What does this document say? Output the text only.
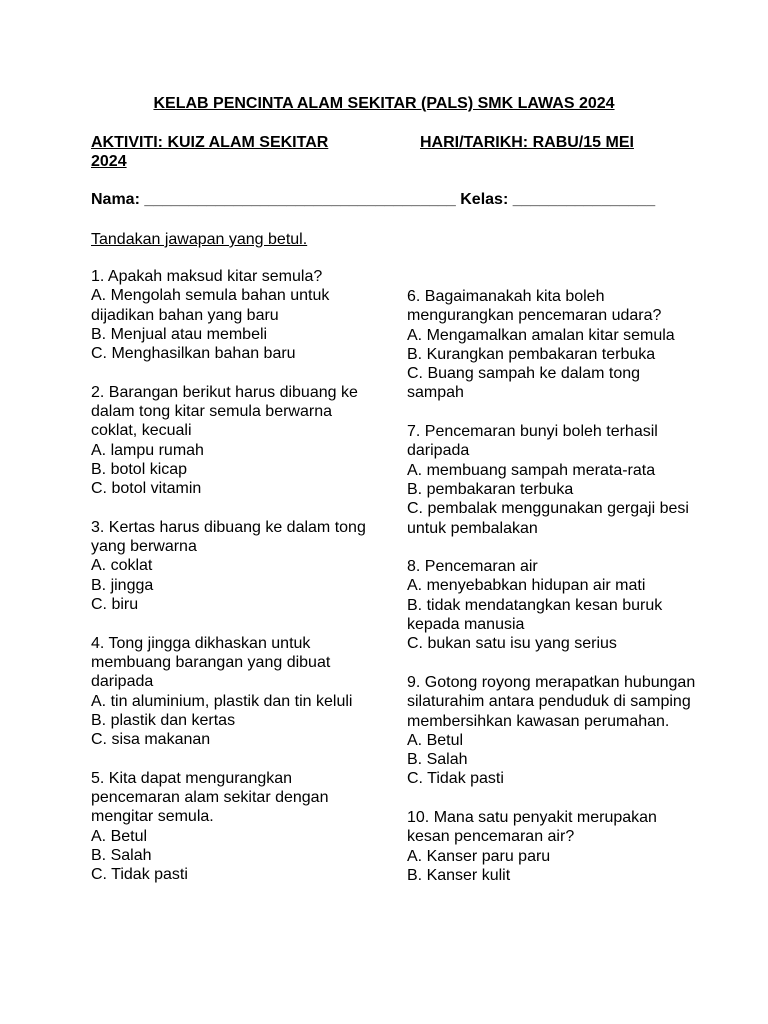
KELAB PENCINTA ALAM SEKITAR (PALS) SMK LAWAS 2024

AKTIVITI: KUIZ ALAM SEKITAR 2024

HARI/TARIKH: RABU/15 MEI

Nama: ___________________________________ Kelas: ________________

Tandakan jawapan yang betul.

1. Apakah maksud kitar semula?
A. Mengolah semula bahan untuk dijadikan bahan yang baru
B. Menjual atau membeli
C. Menghasilkan bahan baru
2. Barangan berikut harus dibuang ke dalam tong kitar semula berwarna coklat, kecuali
A. lampu rumah
B. botol kicap
C. botol vitamin
3. Kertas harus dibuang ke dalam tong yang berwarna
A. coklat
B. jingga
C. biru
4. Tong jingga dikhaskan untuk membuang barangan yang dibuat daripada
A. tin aluminium, plastik dan tin keluli
B. plastik dan kertas
C. sisa makanan
5. Kita dapat mengurangkan pencemaran alam sekitar dengan mengitar semula.
A. Betul
B. Salah
C. Tidak pasti
6. Bagaimanakah kita boleh mengurangkan pencemaran udara?
A. Mengamalkan amalan kitar semula
B. Kurangkan pembakaran terbuka
C. Buang sampah ke dalam tong sampah
7. Pencemaran bunyi boleh terhasil daripada
A. membuang sampah merata-rata
B. pembakaran terbuka
C. pembalak menggunakan gergaji besi untuk pembalakan
8. Pencemaran air
A. menyebabkan hidupan air mati
B. tidak mendatangkan kesan buruk kepada manusia
C. bukan satu isu yang serius
9. Gotong royong merapatkan hubungan silaturahim antara penduduk di samping membersihkan kawasan perumahan.
A. Betul
B. Salah
C. Tidak pasti
10. Mana satu penyakit merupakan kesan pencemaran air?
A. Kanser paru paru
B. Kanser kulit
